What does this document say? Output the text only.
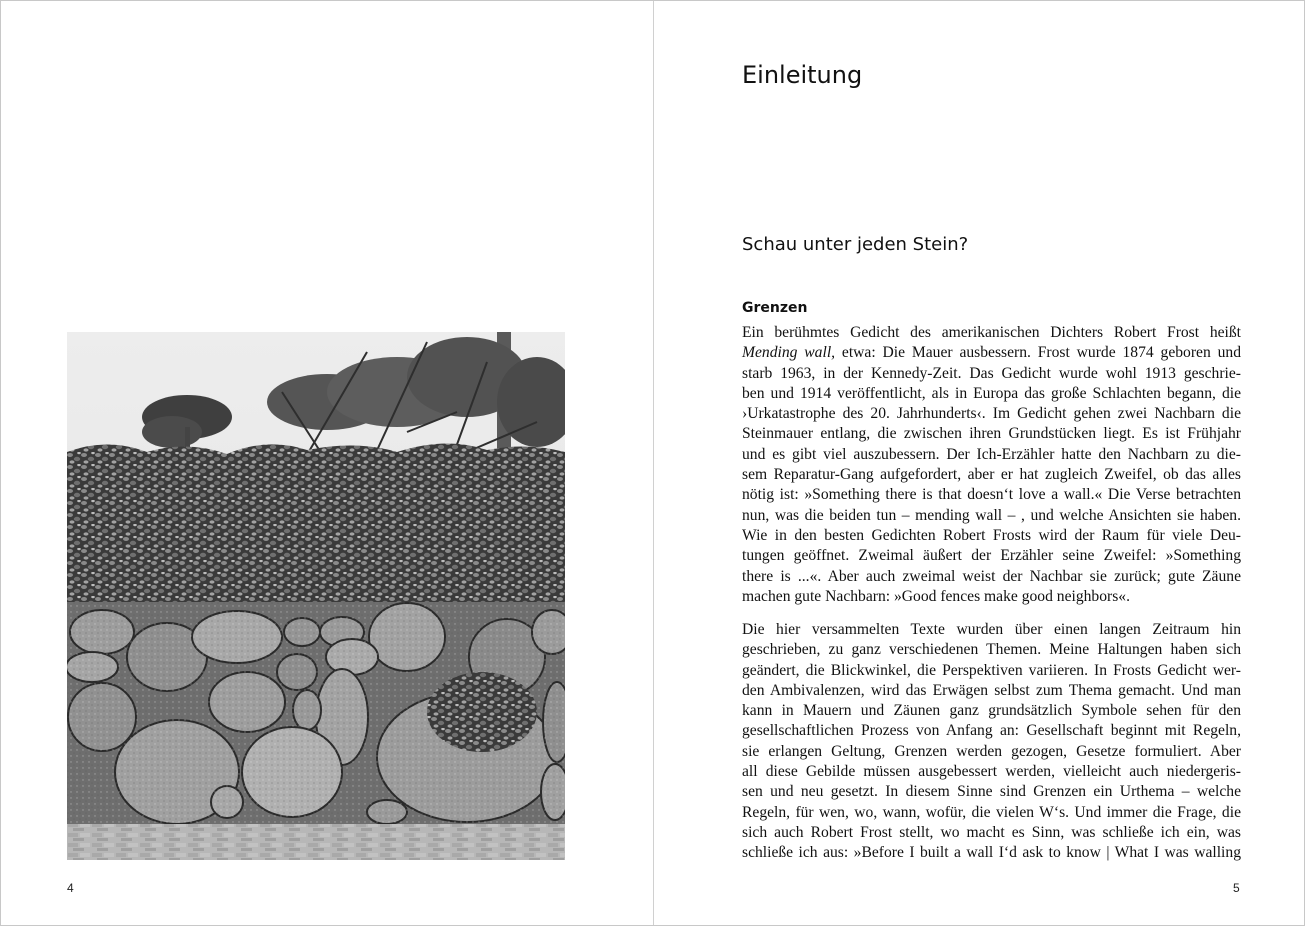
4
Einleitung
Schau unter jeden Stein?
Grenzen
Ein berühmtes Gedicht des amerikanischen Dichters Robert Frost heißt
Mending wall, etwa: Die Mauer ausbessern. Frost wurde 1874 geboren und
starb 1963, in der Kennedy-Zeit. Das Gedicht wurde wohl 1913 geschrie-
ben und 1914 veröffentlicht, als in Europa das große Schlachten begann, die
›Urkatastrophe des 20. Jahrhunderts‹. Im Gedicht gehen zwei Nachbarn die
Steinmauer entlang, die zwischen ihren Grundstücken liegt. Es ist Frühjahr
und es gibt viel auszubessern. Der Ich-Erzähler hatte den Nachbarn zu die-
sem Reparatur-Gang aufgefordert, aber er hat zugleich Zweifel, ob das alles
nötig ist: »Something there is that doesn‘t love a wall.« Die Verse betrachten
nun, was die beiden tun – mending wall – , und welche Ansichten sie haben.
Wie in den besten Gedichten Robert Frosts wird der Raum für viele Deu-
tungen geöffnet. Zweimal äußert der Erzähler seine Zweifel: »Something
there is ...«. Aber auch zweimal weist der Nachbar sie zurück; gute Zäune
machen gute Nachbarn: »Good fences make good neighbors«.
Die hier versammelten Texte wurden über einen langen Zeitraum hin
geschrieben, zu ganz verschiedenen Themen. Meine Haltungen haben sich
geändert, die Blickwinkel, die Perspektiven variieren. In Frosts Gedicht wer-
den Ambivalenzen, wird das Erwägen selbst zum Thema gemacht. Und man
kann in Mauern und Zäunen ganz grundsätzlich Symbole sehen für den
gesellschaftlichen Prozess von Anfang an: Gesellschaft beginnt mit Regeln,
sie erlangen Geltung, Grenzen werden gezogen, Gesetze formuliert. Aber
all diese Gebilde müssen ausgebessert werden, vielleicht auch niedergeris-
sen und neu gesetzt. In diesem Sinne sind Grenzen ein Urthema – welche
Regeln, für wen, wo, wann, wofür, die vielen W‘s. Und immer die Frage, die
sich auch Robert Frost stellt, wo macht es Sinn, was schließe ich ein, was
schließe ich aus: »Before I built a wall I‘d ask to know | What I was walling
5
